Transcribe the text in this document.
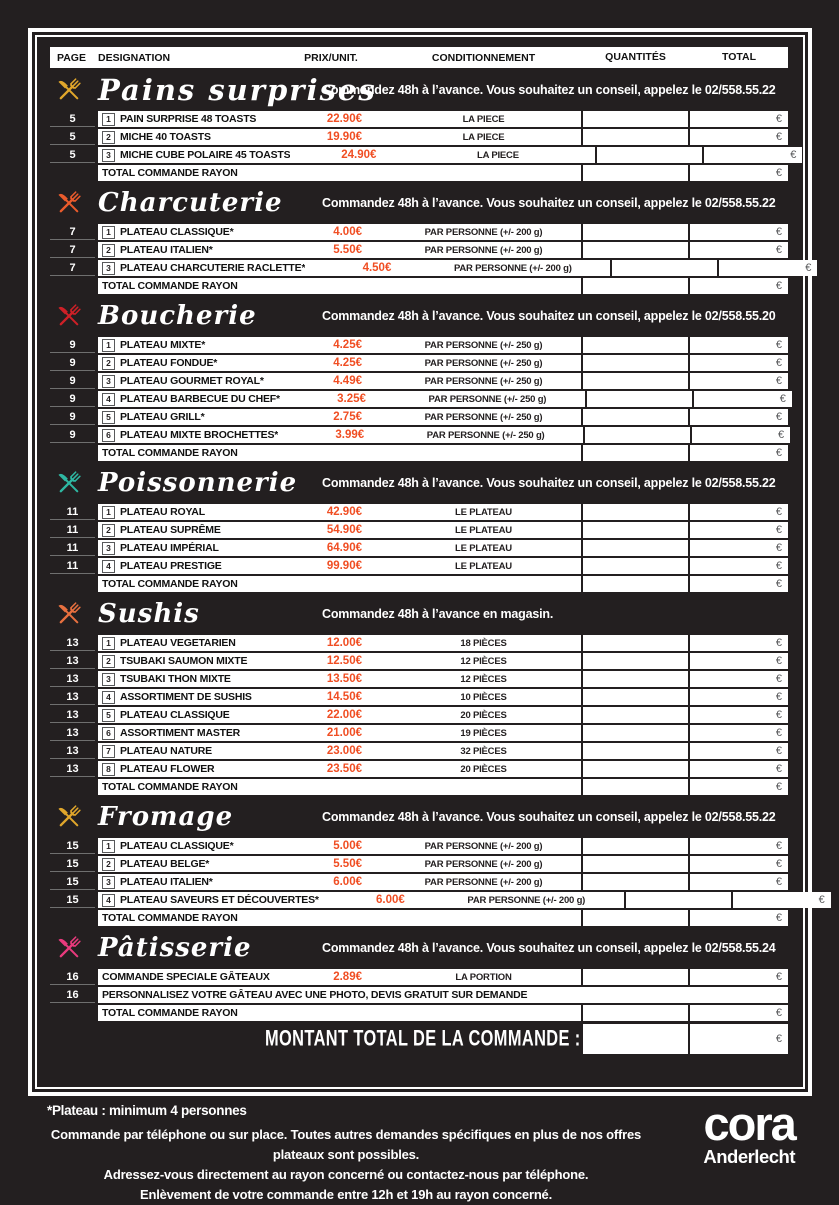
PAGE	DESIGNATION	PRIX/UNIT.	CONDITIONNEMENT	QUANTITÉS	TOTAL
Pains surprises
Commandez 48h à l’avance. Vous souhaitez un conseil, appelez le 02/558.55.22
5	1 PAIN SURPRISE 48 TOASTS	22.90€	LA PIECE	€
5	2 MICHE 40 TOASTS	19.90€	LA PIECE	€
5	3 MICHE CUBE POLAIRE 45 TOASTS	24.90€	LA PIECE	€
TOTAL COMMANDE RAYON	€
Charcuterie	Commandez 48h à l’avance. Vous souhaitez un conseil, appelez le 02/558.55.22
7	1 PLATEAU CLASSIQUE*	4.00€	PAR PERSONNE (+/- 200 g)	€
7	2 PLATEAU ITALIEN*	5.50€	PAR PERSONNE (+/- 200 g)	€
7	3 PLATEAU CHARCUTERIE RACLETTE*	4.50€	PAR PERSONNE (+/- 200 g)	€
TOTAL COMMANDE RAYON	€
Boucherie	Commandez 48h à l’avance. Vous souhaitez un conseil, appelez le 02/558.55.20
9	1 PLATEAU MIXTE*	4.25€	PAR PERSONNE (+/- 250 g)	€
9	2 PLATEAU FONDUE*	4.25€	PAR PERSONNE (+/- 250 g)	€
9	3 PLATEAU GOURMET ROYAL*	4.49€	PAR PERSONNE (+/- 250 g)	€
9	4 PLATEAU BARBECUE DU CHEF*	3.25€	PAR PERSONNE (+/- 250 g)	€
9	5 PLATEAU GRILL*	2.75€	PAR PERSONNE (+/- 250 g)	€
9	6 PLATEAU MIXTE BROCHETTES*	3.99€	PAR PERSONNE (+/- 250 g)	€
TOTAL COMMANDE RAYON	€
Poissonnerie Commandez 48h à l’avance. Vous souhaitez un conseil, appelez le 02/558.55.22
11	1 PLATEAU ROYAL	42.90€	LE PLATEAU	€
11	2 PLATEAU SUPRÊME	54.90€	LE PLATEAU	€
11	3 PLATEAU IMPÉRIAL	64.90€	LE PLATEAU	€
11	4 PLATEAU PRESTIGE	99.90€	LE PLATEAU	€
TOTAL COMMANDE RAYON	€
Sushis	Commandez 48h à l’avance en magasin.
13	1 PLATEAU VEGETARIEN	12.00€	18 PIÈCES	€
13	2 TSUBAKI SAUMON MIXTE	12.50€	12 PIÈCES	€
13	3 TSUBAKI THON MIXTE	13.50€	12 PIÈCES	€
13	4 ASSORTIMENT DE SUSHIS	14.50€	10 PIÈCES	€
13	5 PLATEAU CLASSIQUE	22.00€	20 PIÈCES	€
13	6 ASSORTIMENT MASTER	21.00€	19 PIÈCES	€
13	7 PLATEAU NATURE	23.00€	32 PIÈCES	€
13	8 PLATEAU FLOWER	23.50€	20 PIÈCES	€
TOTAL COMMANDE RAYON	€
Fromage	Commandez 48h à l’avance. Vous souhaitez un conseil, appelez le 02/558.55.22
15	1 PLATEAU CLASSIQUE*	5.00€	PAR PERSONNE (+/- 200 g)	€
15	2 PLATEAU BELGE*	5.50€	PAR PERSONNE (+/- 200 g)	€
15	3 PLATEAU ITALIEN*	6.00€	PAR PERSONNE (+/- 200 g)	€
15	4 PLATEAU SAVEURS ET DÉCOUVERTES*	6.00€	PAR PERSONNE (+/- 200 g)	€
TOTAL COMMANDE RAYON	€
Pâtisserie	Commandez 48h à l’avance. Vous souhaitez un conseil, appelez le 02/558.55.24
16	COMMANDE SPECIALE GÂTEAUX	2.89€	LA PORTION	€
16	PERSONNALISEZ VOTRE GÂTEAU AVEC UNE PHOTO, DEVIS GRATUIT SUR DEMANDE
TOTAL COMMANDE RAYON	€
MONTANT TOTAL DE LA COMMANDE :	€
*Plateau : minimum 4 personnes
Commande par téléphone ou sur place. Toutes autres demandes spécifiques en plus de nos offres plateaux sont possibles.
Adressez-vous directement au rayon concerné ou contactez-nous par téléphone.
Enlèvement de votre commande entre 12h et 19h au rayon concerné.
cora
Anderlecht
